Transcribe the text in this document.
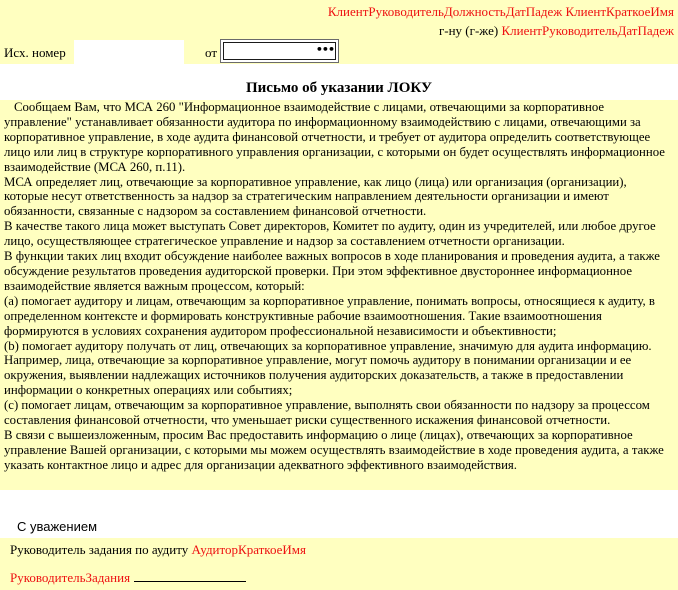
КлиентРуководительДолжностьДатПадеж КлиентКраткоеИмя
г-ну (г-же) КлиентРуководительДатПадеж
Исх. номер	от	•••
Письмо об указании ЛОКУ

Сообщаем Вам, что МСА 260 "Информационное взаимодействие с лицами, отвечающими за корпоративное управление" устанавливает обязанности аудитора по информационному взаимодействию с лицами, отвечающими за корпоративное управление, в ходе аудита финансовой отчетности, и требует от аудитора определить соответствующее лицо или лиц в структуре корпоративного управления организации, с которыми он будет осуществлять информационное взаимодействие (МСА 260, п.11).

МСА определяет лиц, отвечающие за корпоративное управление, как лицо (лица) или организация (организации), которые несут ответственность за надзор за стратегическим направлением деятельности организации и имеют обязанности, связанные с надзором за составлением финансовой отчетности.

В качестве такого лица может выступать Совет директоров, Комитет по аудиту, один из учредителей, или любое другое лицо, осуществляющее стратегическое управление и надзор за составлением отчетности организации.

В функции таких лиц входит обсуждение наиболее важных вопросов в ходе планирования и проведения аудита, а также обсуждение результатов проведения аудиторской проверки. При этом эффективное двустороннее информационное взаимодействие является важным процессом, который:

(а) помогает аудитору и лицам, отвечающим за корпоративное управление, понимать вопросы, относящиеся к аудиту, в определенном контексте и формировать конструктивные рабочие взаимоотношения. Такие взаимоотношения формируются в условиях сохранения аудитором профессиональной независимости и объективности;

(b) помогает аудитору получать от лиц, отвечающих за корпоративное управление, значимую для аудита информацию. Например, лица, отвечающие за корпоративное управление, могут помочь аудитору в понимании организации и ее окружения, выявлении надлежащих источников получения аудиторских доказательств, а также в предоставлении информации о конкретных операциях или событиях;

(с) помогает лицам, отвечающим за корпоративное управление, выполнять свои обязанности по надзору за процессом составления финансовой отчетности, что уменьшает риски существенного искажения финансовой отчетности.

В связи с вышеизложенным, просим Вас предоставить информацию о лице (лицах), отвечающих за корпоративное управление Вашей организации, с которыми мы можем осуществлять взаимодействие в ходе проведения аудита, а также указать контактное лицо и адрес для организации адекватного эффективного взаимодействия.

С уважением
Руководитель задания по аудиту АудиторКраткоеИмя
РуководительЗадания
